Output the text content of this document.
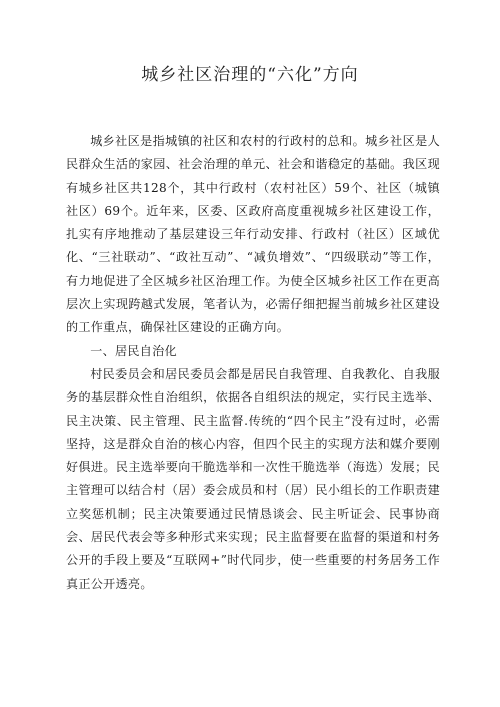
城乡社区治理的“六化”方向

城乡社区是指城镇的社区和农村的行政村的总和。城乡社区是人民群众生活的家园、社会治理的单元、社会和谐稳定的基础。我区现有城乡社区共128个，其中行政村（农村社区）59个、社区（城镇社区）69个。近年来，区委、区政府高度重视城乡社区建设工作，扎实有序地推动了基层建设三年行动安排、行政村（社区）区域优化、“三社联动”、“政社互动”、“减负增效”、“四级联动”等工作，有力地促进了全区城乡社区治理工作。为使全区城乡社区工作在更高层次上实现跨越式发展，笔者认为，必需仔细把握当前城乡社区建设的工作重点，确保社区建设的正确方向。

一、居民自治化

村民委员会和居民委员会都是居民自我管理、自我教化、自我服务的基层群众性自治组织，依据各自组织法的规定，实行民主选举、民主决策、民主管理、民主监督.传统的“四个民主”没有过时，必需坚持，这是群众自治的核心内容，但四个民主的实现方法和媒介要刚好俱进。民主选举要向干脆选举和一次性干脆选举（海选）发展；民主管理可以结合村（居）委会成员和村（居）民小组长的工作职责建立奖惩机制；民主决策要通过民情恳谈会、民主听证会、民事协商会、居民代表会等多种形式来实现；民主监督要在监督的渠道和村务公开的手段上要及“互联网+”时代同步，使一些重要的村务居务工作真正公开透亮。
